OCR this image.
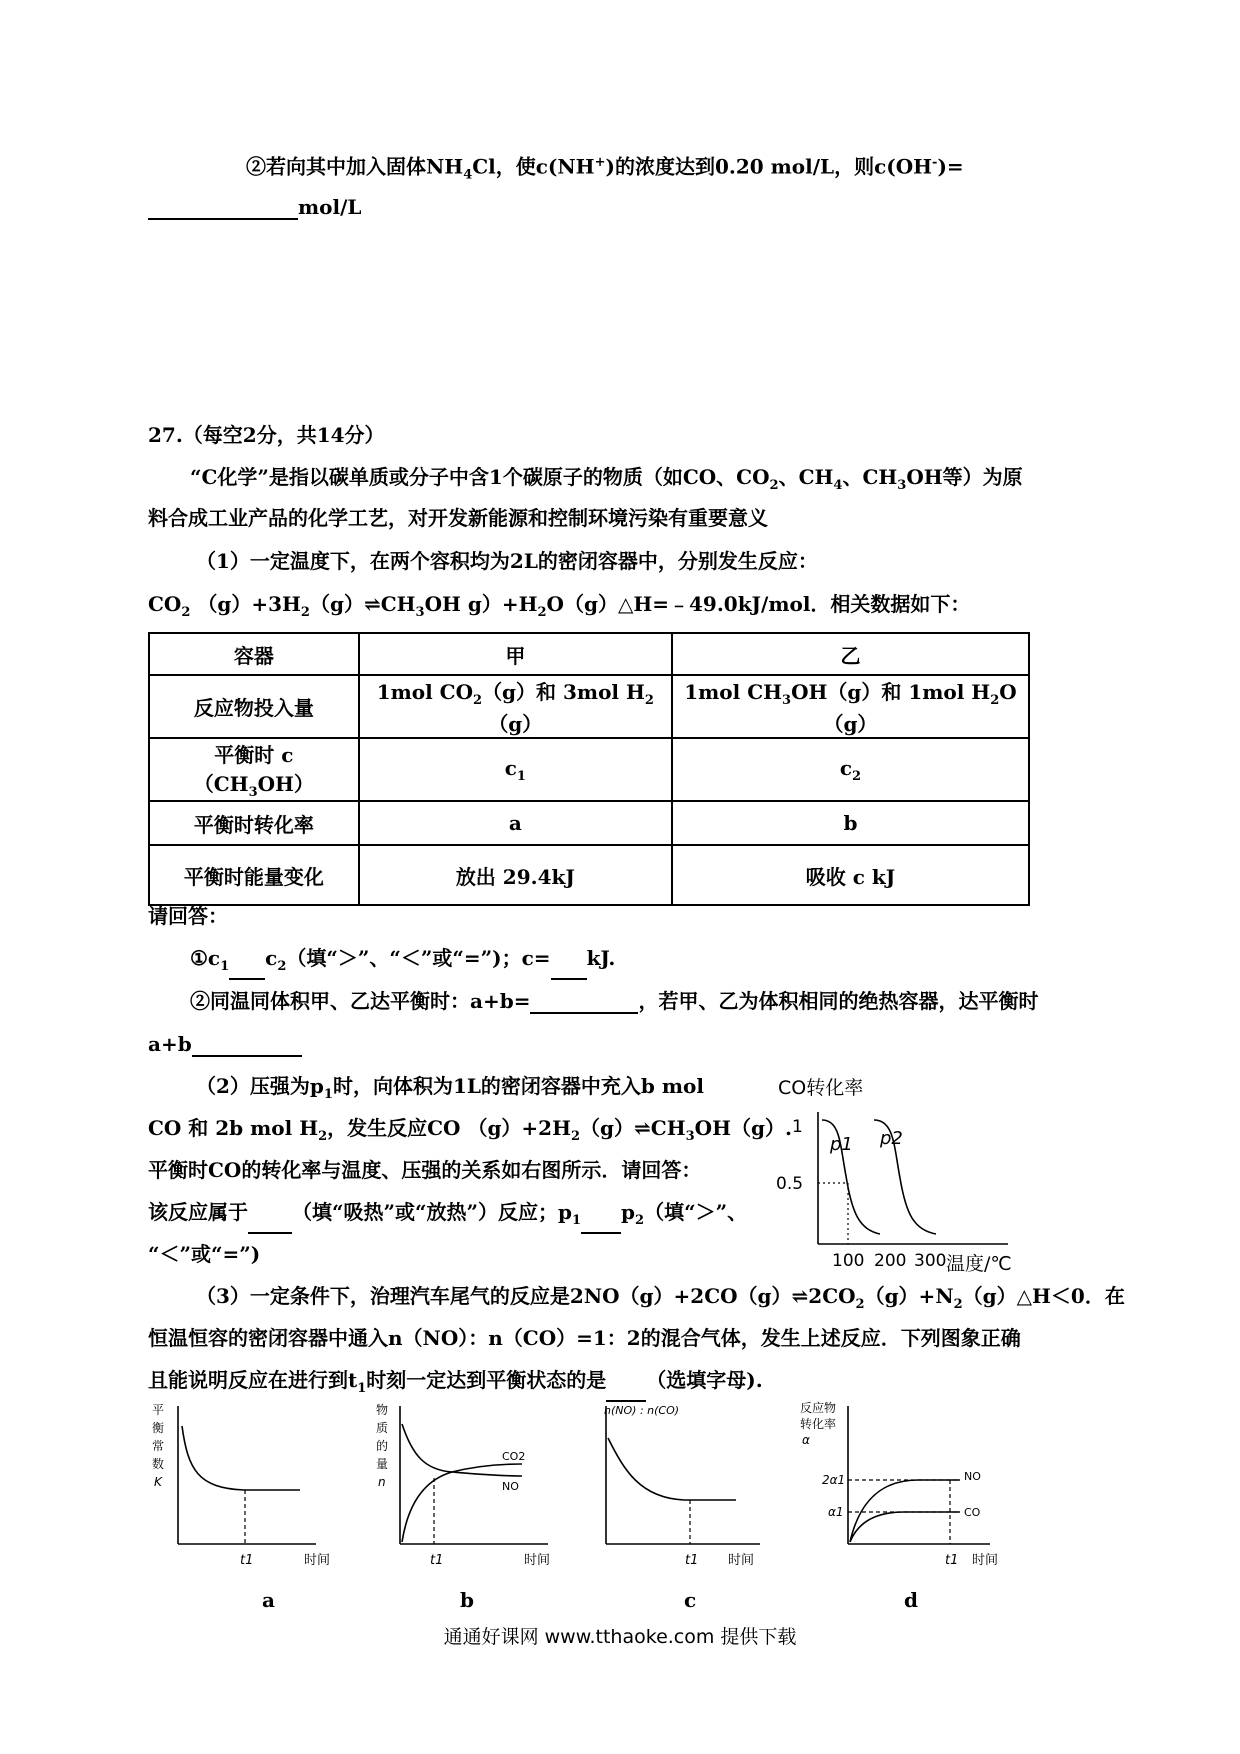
②若向其中加入固体$NH_4Cl$，使c(NH+)的浓度达到0.20 mol/L，则c(OH-)=
mol/L
27.（每空2分，共14分）
“C化学”是指以碳单质或分子中含1个碳原子的物质（如CO、$CO_2$、$CH_4$、$CH_3OH$等）为原
料合成工业产品的化学工艺，对开发新能源和控制环境污染有重要意义
（1）一定温度下，在两个容积均为2L的密闭容器中，分别发生反应：
$CO_2$ $(g)+3H_2(g)\rightleftharpoons CH_3OH$ $g)+H_2O(g)\triangle H=﹣49.0kJ$/mol．相关数据如下：
容器	甲	乙
反应物投入量	1mol $CO_2(g)$和 3mol $H_2(g)$	1mol $CH_3OH(g)$和 1mol $H_2O(g)$
平衡时 $c(CH_3OH)$	$c_1$	$c_2$
平衡时转化率	a	b
平衡时能量变化	放出 29.4kJ	吸收 c kJ
请回答：
$①c_1$ $c_2$（填“＞”、“＜”或“=”)；c= kJ.
②同温同体积甲、乙达平衡时：a+b=	，若甲、乙为体积相同的绝热容器，达平衡时
a+b
（2）压强为$p_1$时，向体积为1L的密闭容器中充入b mol
CO 和 2b mol $H_2$，发生反应CO $(g)+2H_2(g)\rightleftharpoons CH_3OH(g)$.
平衡时CO的转化率与温度、压强的关系如右图所示．请回答：
该反应属于 （填“吸热”或“放热”）反应；$p_1$ $p_2$（填“＞”、
“＜”或“=”)
CO转化率
1
0.5
p1 p2
100 200 300 温度/℃
（3）一定条件下，治理汽车尾气的反应是$2NO(g)+2CO(g)\rightleftharpoons 2CO_2(g)+N_2(g)\triangle H<0$．在
恒温恒容的密闭容器中通入n（NO）：n（CO）=1：2的混合气体，发生上述反应．下列图象正确
且能说明反应在进行到$t_1$时刻一定达到平衡状态的是 （选填字母).
平
衡
常
数
K
t1	时间
物
质
的
量
n
CO2
NO
t1	时间
n(NO) : n(CO)
t1 时间
反应物
转化率
α
2α1
α1
NO
CO
t1 时间
a	b	c	d
通通好课网 www.tthaoke.com 提供下载
